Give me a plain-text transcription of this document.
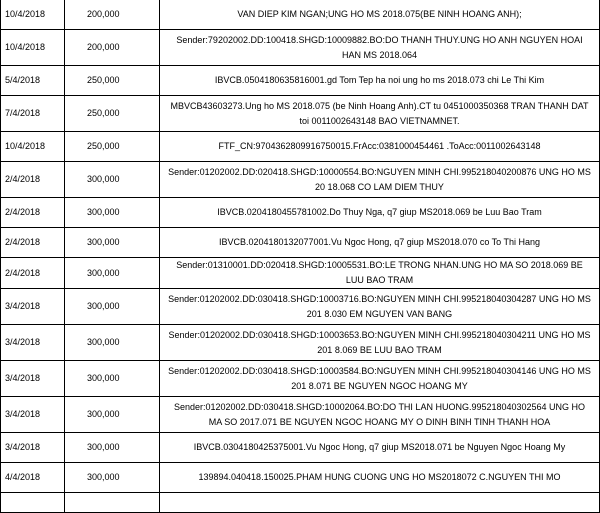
10/4/2018	200,000	VAN DIEP KIM NGAN;UNG HO MS 2018.075(BE NINH HOANG ANH);
10/4/2018	200,000	Sender:79202002.DD:100418.SHGD:10009882.BO:DO THANH THUY.UNG HO ANH NGUYEN HOAI HAN MS 2018.064
5/4/2018	250,000	IBVCB.0504180635816001.gd Tom Tep ha noi ung ho ms 2018.073 chi Le Thi Kim
7/4/2018	250,000	MBVCB43603273.Ung ho MS 2018.075 (be Ninh Hoang Anh).CT tu 0451000350368 TRAN THANH DAT toi 0011002643148 BAO VIETNAMNET.
10/4/2018	250,000	FTF_CN:9704362809916750015.FrAcc:0381000454461 .ToAcc:0011002643148
2/4/2018	300,000	Sender:01202002.DD:020418.SHGD:10000554.BO:NGUYEN MINH CHI.995218040200876 UNG HO MS 20 18.068 CO LAM DIEM THUY
2/4/2018	300,000	IBVCB.0204180455781002.Do Thuy Nga, q7 giup MS2018.069 be Luu Bao Tram
2/4/2018	300,000	IBVCB.0204180132077001.Vu Ngoc Hong, q7 giup MS2018.070 co To Thi Hang
2/4/2018	300,000	Sender:01310001.DD:020418.SHGD:10005531.BO:LE TRONG NHAN.UNG HO MA SO 2018.069 BE LUU BAO TRAM
3/4/2018	300,000	Sender:01202002.DD:030418.SHGD:10003716.BO:NGUYEN MINH CHI.995218040304287 UNG HO MS 201 8.030 EM NGUYEN VAN BANG
3/4/2018	300,000	Sender:01202002.DD:030418.SHGD:10003653.BO:NGUYEN MINH CHI.995218040304211 UNG HO MS 201 8.069 BE LUU BAO TRAM
3/4/2018	300,000	Sender:01202002.DD:030418.SHGD:10003584.BO:NGUYEN MINH CHI.995218040304146 UNG HO MS 201 8.071 BE NGUYEN NGOC HOANG MY
3/4/2018	300,000	Sender:01202002.DD:030418.SHGD:10002064.BO:DO THI LAN HUONG.995218040302564 UNG HO MA SO 2017.071 BE NGUYEN NGOC HOANG MY O DINH BINH TINH THANH HOA
3/4/2018	300,000	IBVCB.0304180425375001.Vu Ngoc Hong, q7 giup MS2018.071 be Nguyen Ngoc Hoang My
4/4/2018	300,000	139894.040418.150025.PHAM HUNG CUONG UNG HO MS2018072 C.NGUYEN THI MO
